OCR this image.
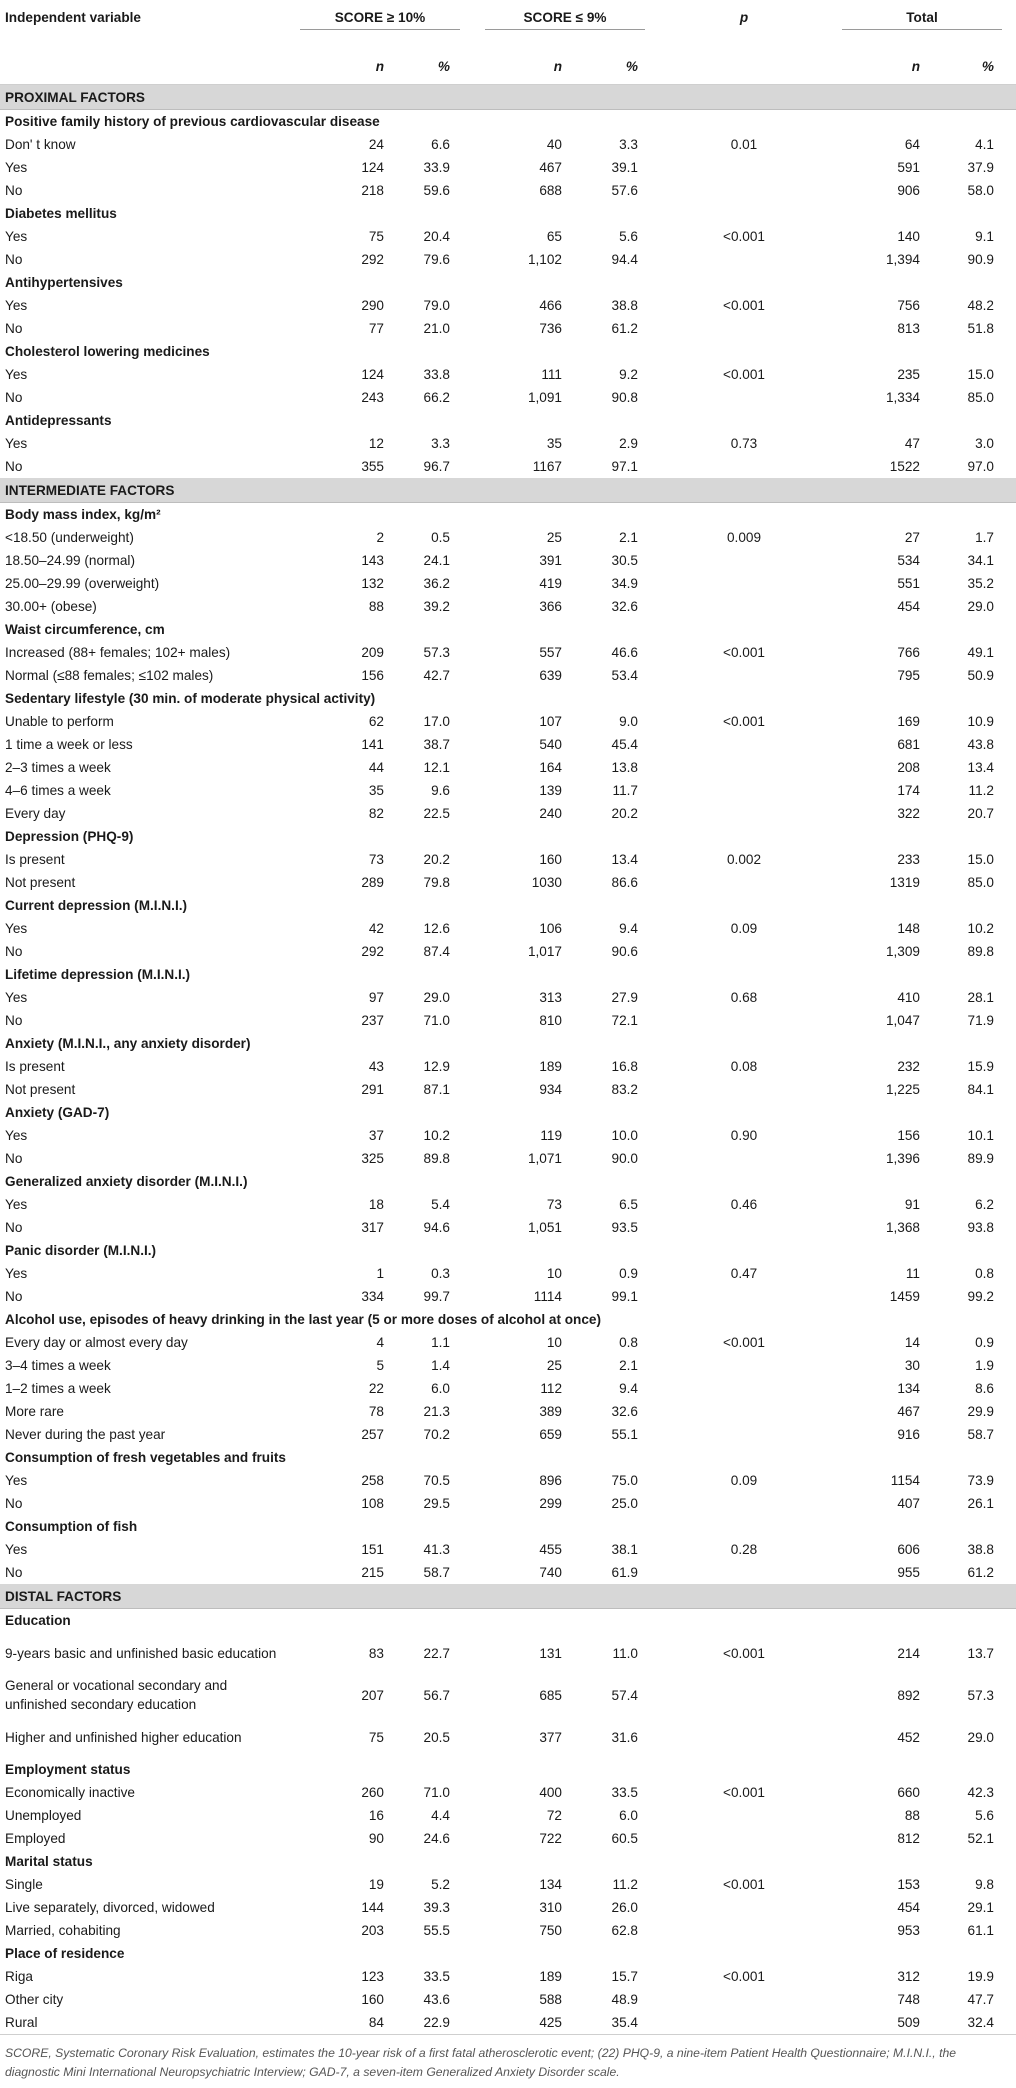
Independent variable	SCORE ≥ 10%		SCORE ≤ 9%		p	Total	
	n	%	n	%		n	%
PROXIMAL FACTORS							
Positive family history of previous cardiovascular disease							
Don' t know	24	6.6	40	3.3	0.01	64	4.1
Yes	124	33.9	467	39.1		591	37.9
No	218	59.6	688	57.6		906	58.0
Diabetes mellitus							
Yes	75	20.4	65	5.6	<0.001	140	9.1
No	292	79.6	1,102	94.4		1,394	90.9
Antihypertensives							
Yes	290	79.0	466	38.8	<0.001	756	48.2
No	77	21.0	736	61.2		813	51.8
Cholesterol lowering medicines							
Yes	124	33.8	111	9.2	<0.001	235	15.0
No	243	66.2	1,091	90.8		1,334	85.0
Antidepressants							
Yes	12	3.3	35	2.9	0.73	47	3.0
No	355	96.7	1167	97.1		1522	97.0
INTERMEDIATE FACTORS							
Body mass index, kg/m²							
<18.50 (underweight)	2	0.5	25	2.1	0.009	27	1.7
18.50–24.99 (normal)	143	24.1	391	30.5		534	34.1
25.00–29.99 (overweight)	132	36.2	419	34.9		551	35.2
30.00+ (obese)	88	39.2	366	32.6		454	29.0
Waist circumference, cm							
Increased (88+ females; 102+ males)	209	57.3	557	46.6	<0.001	766	49.1
Normal (≤88 females; ≤102 males)	156	42.7	639	53.4		795	50.9
Sedentary lifestyle (30 min. of moderate physical activity)							
Unable to perform	62	17.0	107	9.0	<0.001	169	10.9
1 time a week or less	141	38.7	540	45.4		681	43.8
2–3 times a week	44	12.1	164	13.8		208	13.4
4–6 times a week	35	9.6	139	11.7		174	11.2
Every day	82	22.5	240	20.2		322	20.7
Depression (PHQ-9)							
Is present	73	20.2	160	13.4	0.002	233	15.0
Not present	289	79.8	1030	86.6		1319	85.0
Current depression (M.I.N.I.)							
Yes	42	12.6	106	9.4	0.09	148	10.2
No	292	87.4	1,017	90.6		1,309	89.8
Lifetime depression (M.I.N.I.)							
Yes	97	29.0	313	27.9	0.68	410	28.1
No	237	71.0	810	72.1		1,047	71.9
Anxiety (M.I.N.I., any anxiety disorder)							
Is present	43	12.9	189	16.8	0.08	232	15.9
Not present	291	87.1	934	83.2		1,225	84.1
Anxiety (GAD-7)							
Yes	37	10.2	119	10.0	0.90	156	10.1
No	325	89.8	1,071	90.0		1,396	89.9
Generalized anxiety disorder (M.I.N.I.)							
Yes	18	5.4	73	6.5	0.46	91	6.2
No	317	94.6	1,051	93.5		1,368	93.8
Panic disorder (M.I.N.I.)							
Yes	1	0.3	10	0.9	0.47	11	0.8
No	334	99.7	1114	99.1		1459	99.2
Alcohol use, episodes of heavy drinking in the last year (5 or more doses of alcohol at once)							
Every day or almost every day	4	1.1	10	0.8	<0.001	14	0.9
3–4 times a week	5	1.4	25	2.1		30	1.9
1–2 times a week	22	6.0	112	9.4		134	8.6
More rare	78	21.3	389	32.6		467	29.9
Never during the past year	257	70.2	659	55.1		916	58.7
Consumption of fresh vegetables and fruits							
Yes	258	70.5	896	75.0	0.09	1154	73.9
No	108	29.5	299	25.0		407	26.1
Consumption of fish							
Yes	151	41.3	455	38.1	0.28	606	38.8
No	215	58.7	740	61.9		955	61.2
DISTAL FACTORS							
Education							
9-years basic and unfinished basic education	83	22.7	131	11.0	<0.001	214	13.7
General or vocational secondary and unfinished secondary education	207	56.7	685	57.4		892	57.3
Higher and unfinished higher education	75	20.5	377	31.6		452	29.0
Employment status							
Economically inactive	260	71.0	400	33.5	<0.001	660	42.3
Unemployed	16	4.4	72	6.0		88	5.6
Employed	90	24.6	722	60.5		812	52.1
Marital status							
Single	19	5.2	134	11.2	<0.001	153	9.8
Live separately, divorced, widowed	144	39.3	310	26.0		454	29.1
Married, cohabiting	203	55.5	750	62.8		953	61.1
Place of residence							
Riga	123	33.5	189	15.7	<0.001	312	19.9
Other city	160	43.6	588	48.9		748	47.7
Rural	84	22.9	425	35.4		509	32.4
SCORE, Systematic Coronary Risk Evaluation, estimates the 10-year risk of a first fatal atherosclerotic event; (22) PHQ-9, a nine-item Patient Health Questionnaire; M.I.N.I., the diagnostic Mini International Neuropsychiatric Interview; GAD-7, a seven-item Generalized Anxiety Disorder scale.
